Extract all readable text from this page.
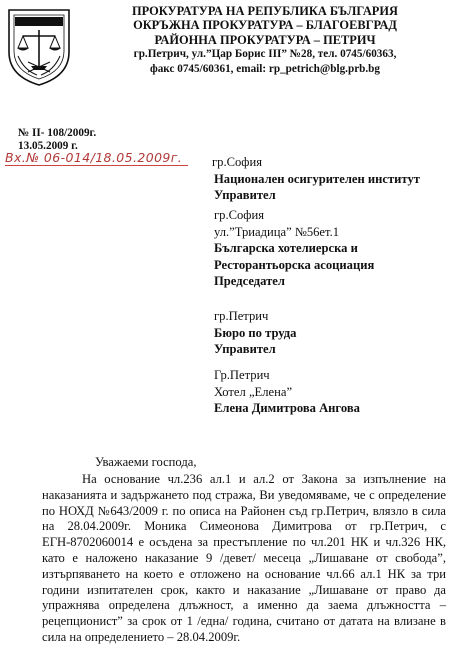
ПРОКУРАТУРА НА РЕПУБЛИКА БЪЛГАРИЯ
ОКРЪЖНА ПРОКУРАТУРА – БЛАГОЕВГРАД
РАЙОННА ПРОКУРАТУРА – ПЕТРИЧ
гр.Петрич, ул.”Цар Борис III” №28, тел. 0745/60363,
факс 0745/60361, email: rp_petrich@blg.prb.bg
№ II- 108/2009г.
13.05.2009 г.
Вх.№ 06-014/18.05.2009г.	гр.София
Национален осигурителен институт
Управител
гр.София
ул.”Триадица” №56ет.1
Българска хотелиерска и
Ресторантьорска асоциация
Председател
гр.Петрич
Бюро по труда
Управител
Гр.Петрич
Хотел „Елена”
Елена Димитрова Ангова
Уважаеми господа,

На основание чл.236 ал.1 и ал.2 от Закона за изпълнение на наказанията и задържането под стража, Ви уведомяваме, че с определение по НОХД №643/2009 г. по описа на Районен съд гр.Петрич, влязло в сила на 28.04.2009г. Моника Симеонова Димитрова от гр.Петрич, с ЕГН-8702060014 е осъдена за престъпление по чл.201 НК и чл.326 НК, като е наложено наказание 9 /девет/ месеца „Лишаване от свобода”, изтърпяването на което е отложено на основание чл.66 ал.1 НК за три години изпитателен срок, както и наказание „Лишаване от право да упражнява определена длъжност, а именно да заема длъжността – рецепционист” за срок от 1 /една/ година, считано от датата на влизане в сила на определението – 28.04.2009г.
